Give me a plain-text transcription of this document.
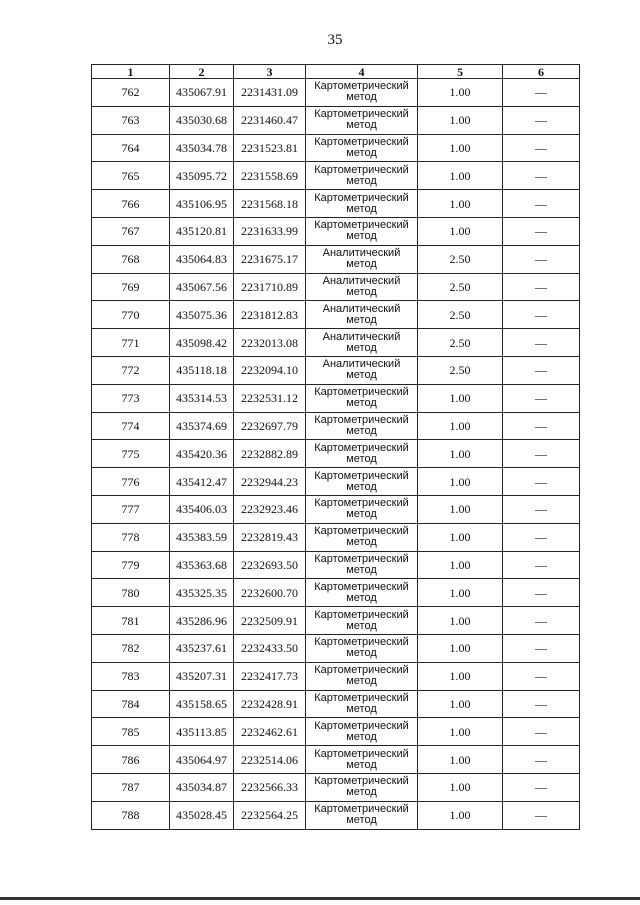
35
1	2	3	4	5	6
762	435067.91	2231431.09	Картометрический метод	1.00	—
763	435030.68	2231460.47	Картометрический метод	1.00	—
764	435034.78	2231523.81	Картометрический метод	1.00	—
765	435095.72	2231558.69	Картометрический метод	1.00	—
766	435106.95	2231568.18	Картометрический метод	1.00	—
767	435120.81	2231633.99	Картометрический метод	1.00	—
768	435064.83	2231675.17	Аналитический метод	2.50	—
769	435067.56	2231710.89	Аналитический метод	2.50	—
770	435075.36	2231812.83	Аналитический метод	2.50	—
771	435098.42	2232013.08	Аналитический метод	2.50	—
772	435118.18	2232094.10	Аналитический метод	2.50	—
773	435314.53	2232531.12	Картометрический метод	1.00	—
774	435374.69	2232697.79	Картометрический метод	1.00	—
775	435420.36	2232882.89	Картометрический метод	1.00	—
776	435412.47	2232944.23	Картометрический метод	1.00	—
777	435406.03	2232923.46	Картометрический метод	1.00	—
778	435383.59	2232819.43	Картометрический метод	1.00	—
779	435363.68	2232693.50	Картометрический метод	1.00	—
780	435325.35	2232600.70	Картометрический метод	1.00	—
781	435286.96	2232509.91	Картометрический метод	1.00	—
782	435237.61	2232433.50	Картометрический метод	1.00	—
783	435207.31	2232417.73	Картометрический метод	1.00	—
784	435158.65	2232428.91	Картометрический метод	1.00	—
785	435113.85	2232462.61	Картометрический метод	1.00	—
786	435064.97	2232514.06	Картометрический метод	1.00	—
787	435034.87	2232566.33	Картометрический метод	1.00	—
788	435028.45	2232564.25	Картометрический метод	1.00	—
